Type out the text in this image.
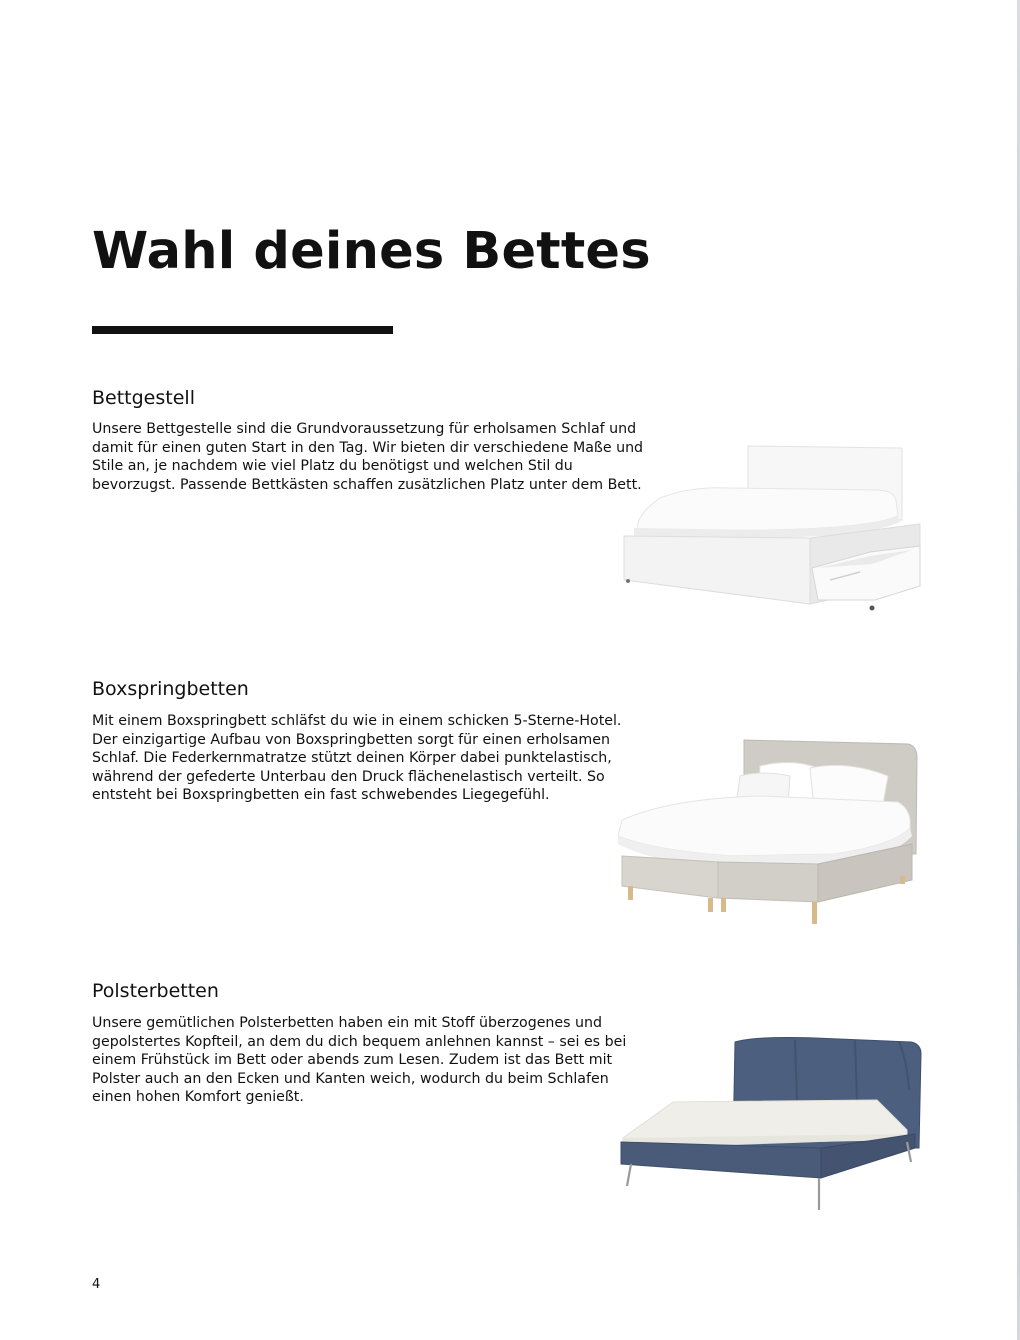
Wahl deines Bettes
Bettgestell

Unsere Bettgestelle sind die Grundvoraussetzung für erholsamen Schlaf und damit für einen guten Start in den Tag. Wir bieten dir verschiedene Maße und Stile an, je nachdem wie viel Platz du benötigst und welchen Stil du bevorzugst. Passende Bettkästen schaffen zusätzlichen Platz unter dem Bett.

Boxspringbetten

Mit einem Boxspringbett schläfst du wie in einem schicken 5-Sterne-Hotel. Der einzigartige Aufbau von Boxspringbetten sorgt für einen erholsamen Schlaf. Die Federkernmatratze stützt deinen Körper dabei punktelastisch, während der gefederte Unterbau den Druck flächenelastisch verteilt. So entsteht bei Boxspringbetten ein fast schwebendes Liegegefühl.

Polsterbetten

Unsere gemütlichen Polsterbetten haben ein mit Stoff überzogenes und gepolstertes Kopfteil, an dem du dich bequem anlehnen kannst – sei es bei einem Frühstück im Bett oder abends zum Lesen. Zudem ist das Bett mit Polster auch an den Ecken und Kanten weich, wodurch du beim Schlafen einen hohen Komfort genießt.

4
